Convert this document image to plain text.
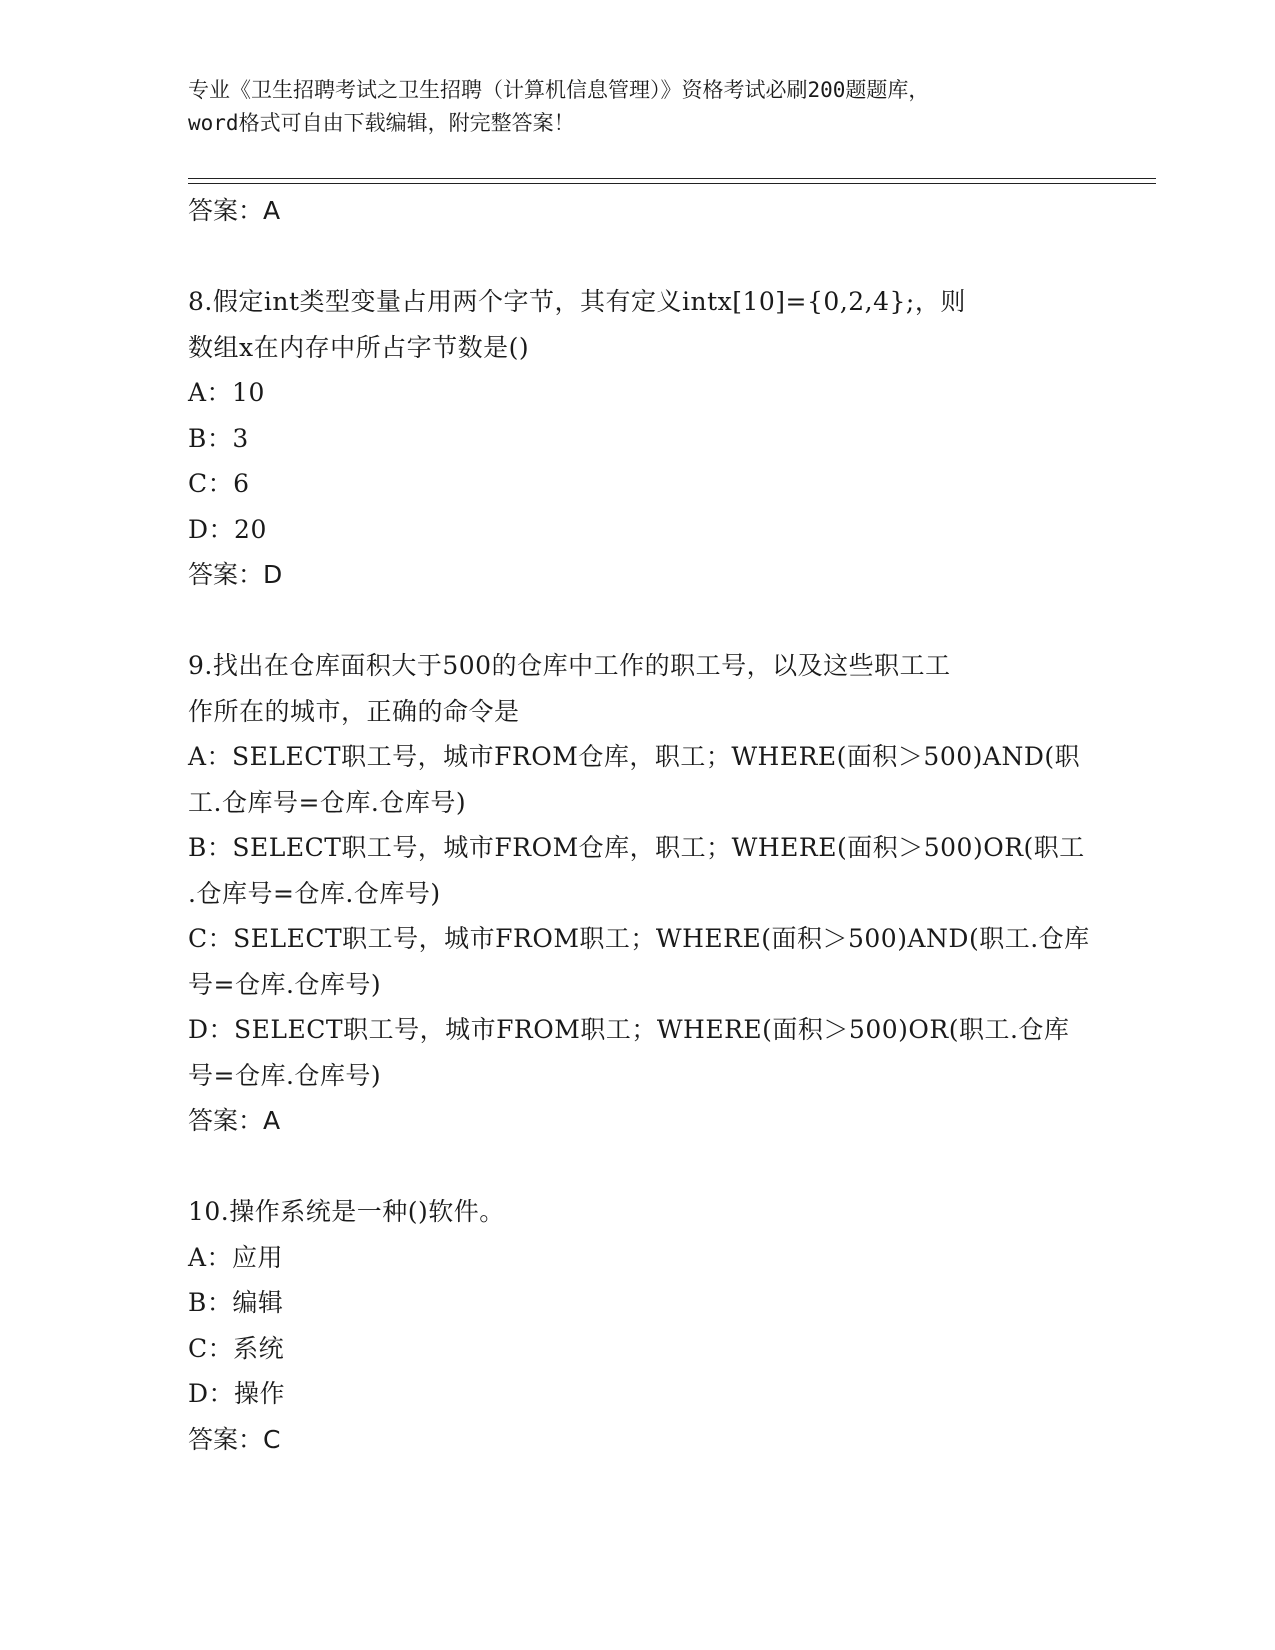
专业《卫生招聘考试之卫生招聘（计算机信息管理）》资格考试必刷200题题库，
word格式可自由下载编辑，附完整答案！
答案：A
8.假定int类型变量占用两个字节，其有定义intx[10]={0,2,4};，则
数组x在内存中所占字节数是()
A：10
B：3
C：6
D：20
答案：D
9.找出在仓库面积大于500的仓库中工作的职工号，以及这些职工工
作所在的城市，正确的命令是
A：SELECT职工号，城市FROM仓库，职工；WHERE(面积＞500)AND(职
工.仓库号=仓库.仓库号)
B：SELECT职工号，城市FROM仓库，职工；WHERE(面积＞500)OR(职工
.仓库号=仓库.仓库号)
C：SELECT职工号，城市FROM职工；WHERE(面积＞500)AND(职工.仓库
号=仓库.仓库号)
D：SELECT职工号，城市FROM职工；WHERE(面积＞500)OR(职工.仓库
号=仓库.仓库号)
答案：A
10.操作系统是一种()软件。
A：应用
B：编辑
C：系统
D：操作
答案：C
